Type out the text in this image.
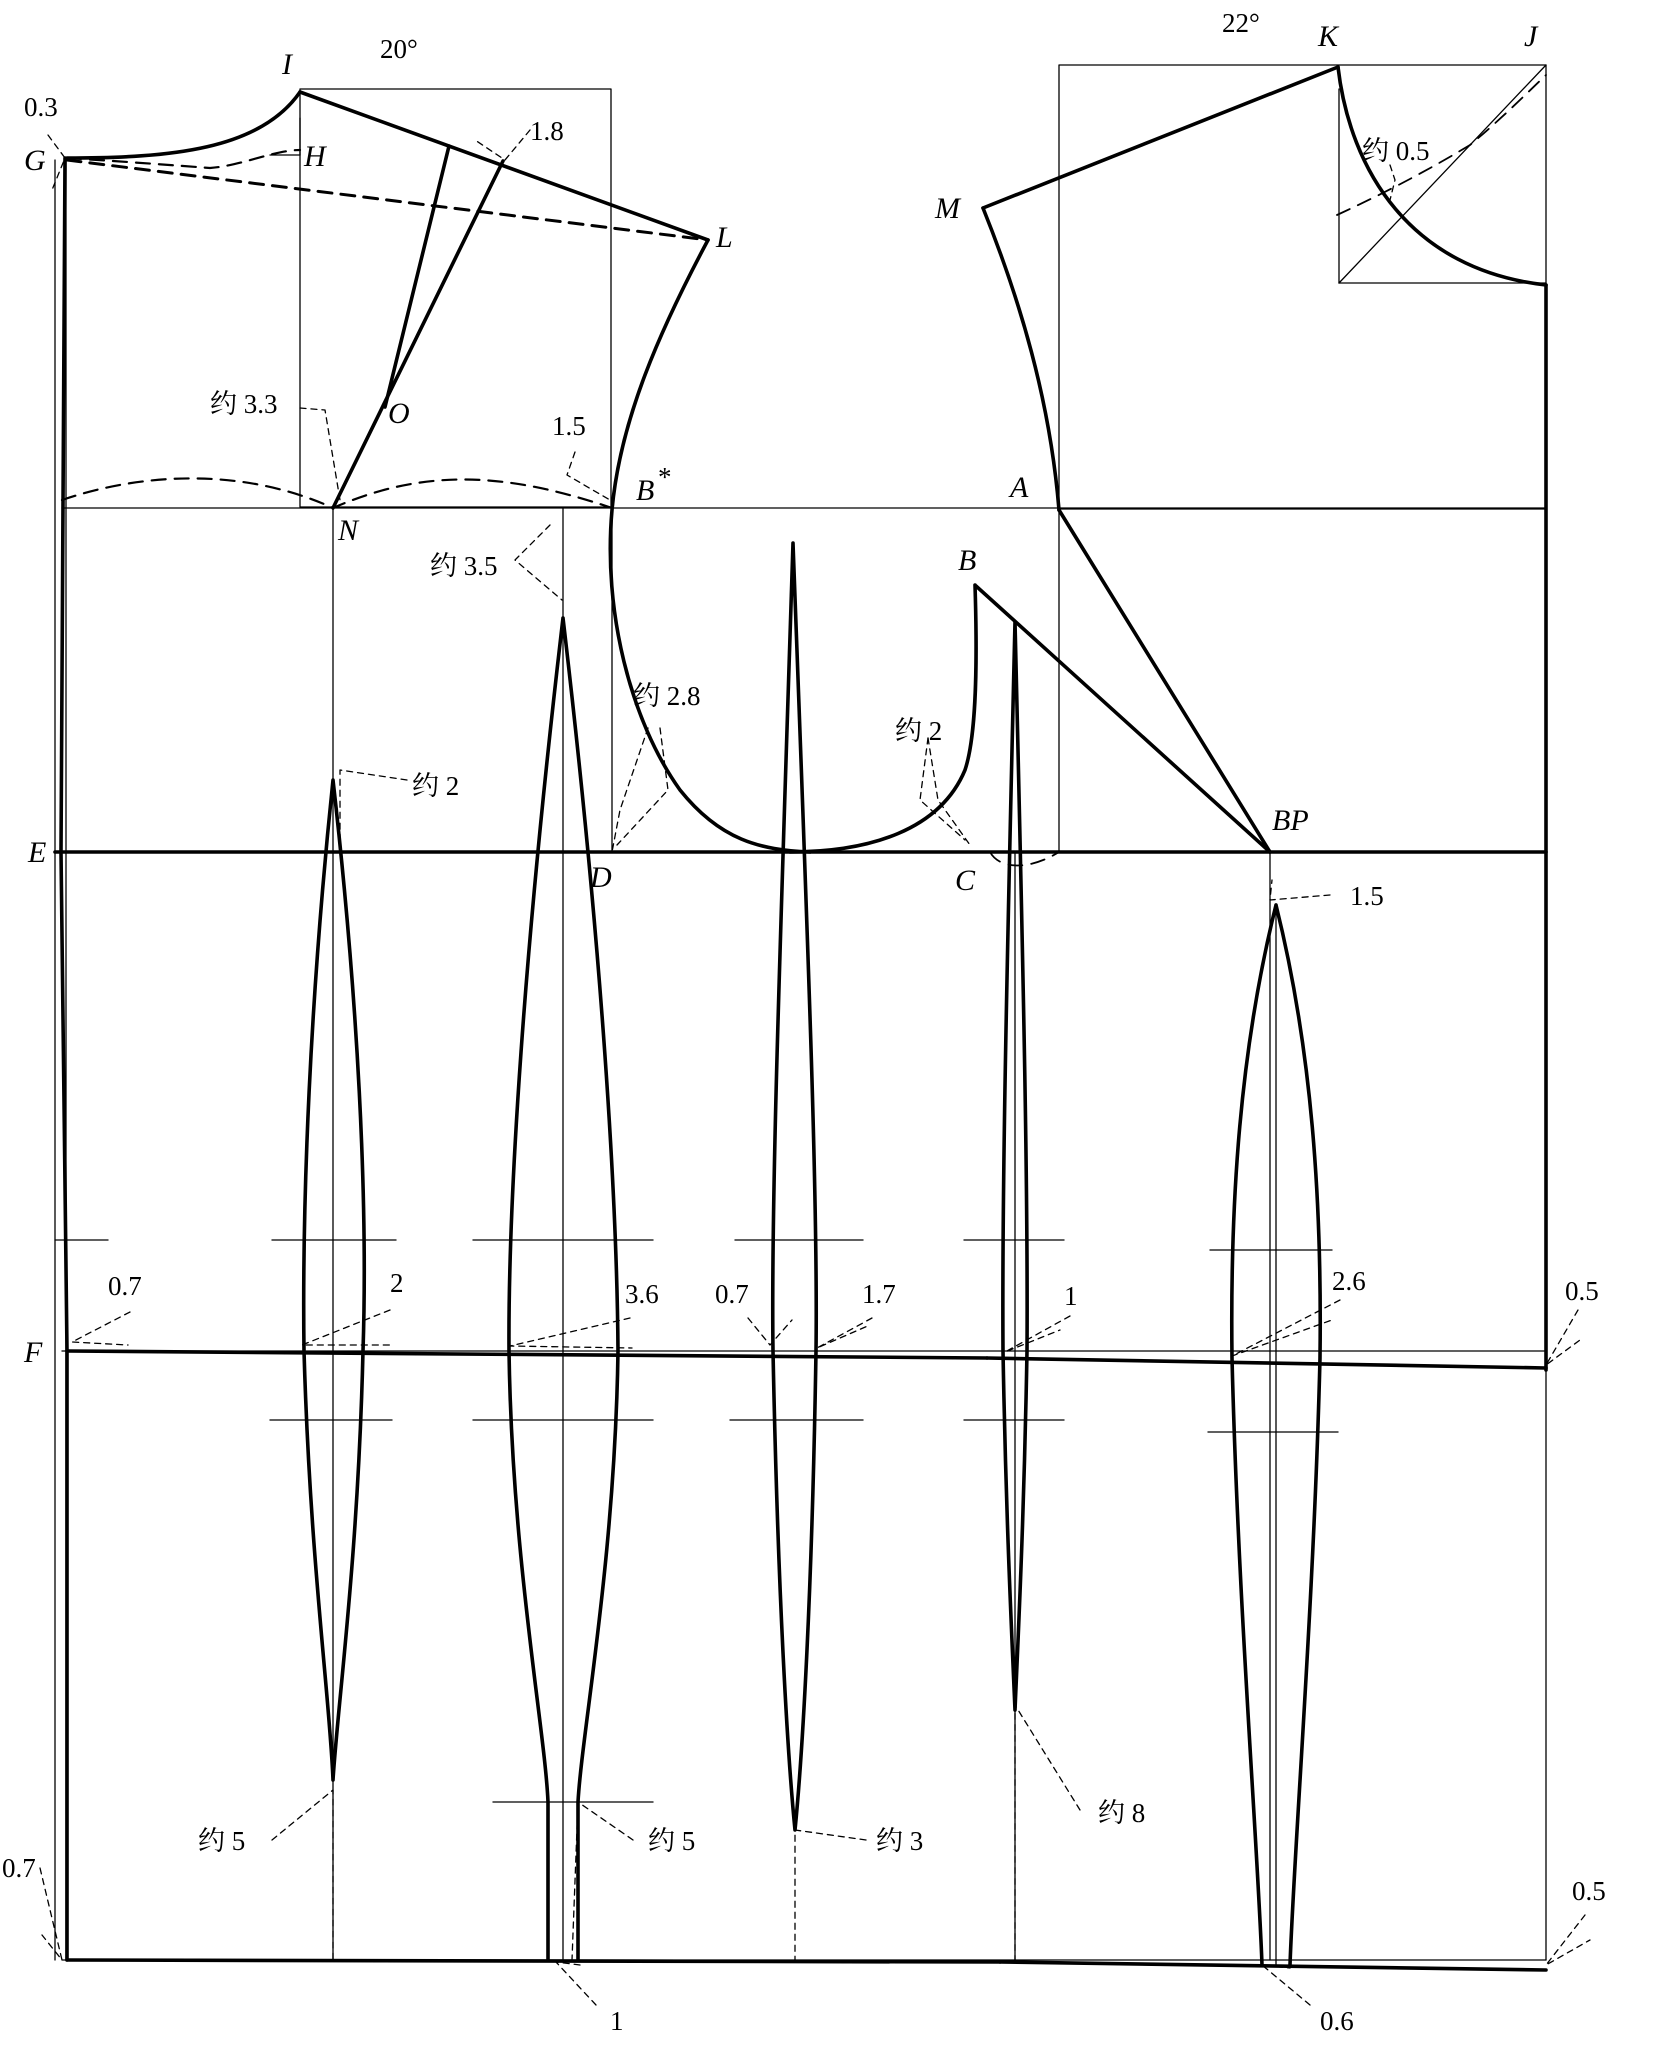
I
G	H
L
O
N
B *	A
B
BP
D	C
E
F
K	J
M
20°
22°
0.3
1.8
约 3.3
1.5
约 3.5
约 2.8
约 2
约 2
1.5
约 0.5
0.7	2	3.6 0.7	1.7	1	2.6	0.5
0.7
0.5
约 5	约 5	约 3
约 8
1	0.6
